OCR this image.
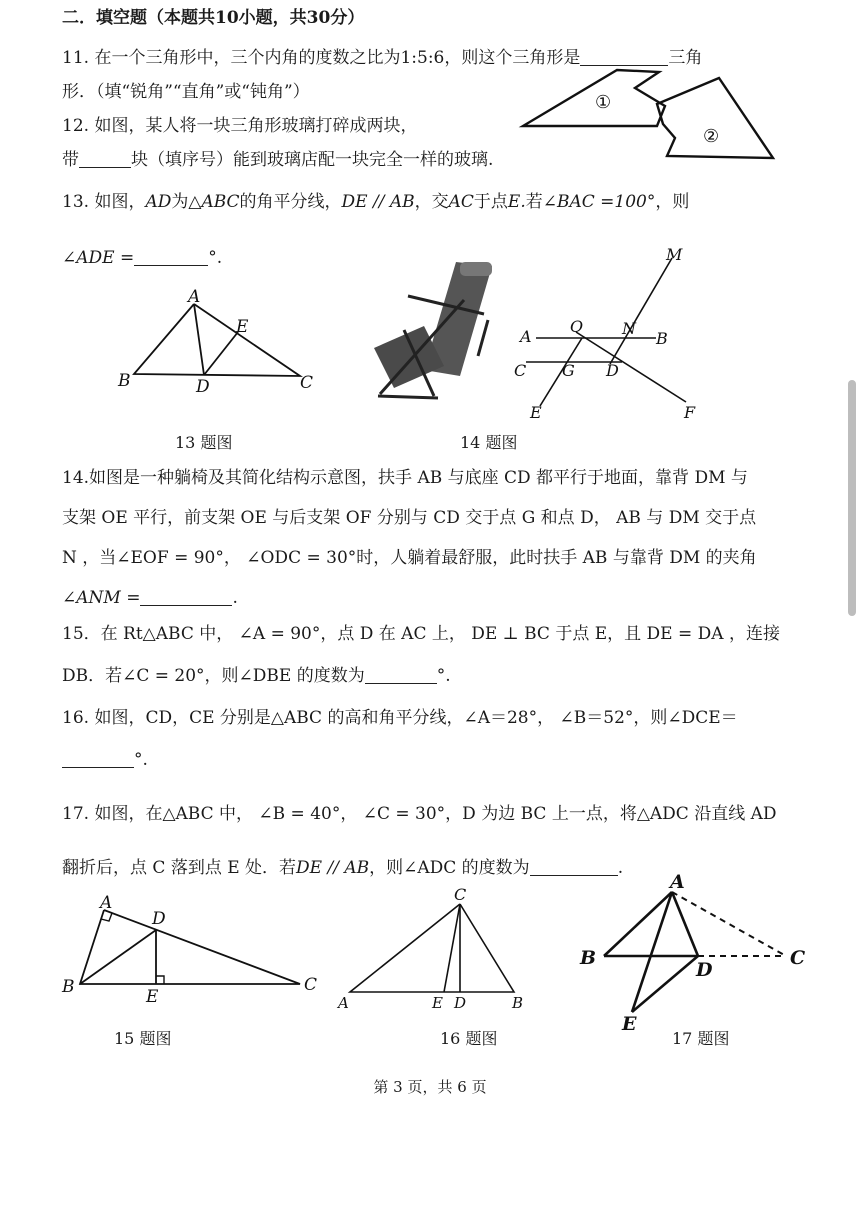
二．填空题（本题共10小题，共30分）
11. 在一个三角形中，三个内角的度数之比为1:5:6，则这个三角形是	三角
形．（填“锐角”“直角”或“钝角”）
12. 如图，某人将一块三角形玻璃打碎成两块，
带	块（填序号）能到玻璃店配一块完全一样的玻璃.
①
②
13. 如图，AD为△ABC的角平分线，DE // AB，交AC于点E.若∠BAC =100°，则
∠ADE =	°.
A
E
B	D	C
13 题图
M
A
O N
B
C G D
E	F
14 题图
14.如图是一种躺椅及其简化结构示意图，扶手 AB 与底座 CD 都平行于地面，靠背 DM 与
支架 OE 平行，前支架 OE 与后支架 OF 分别与 CD 交于点 G 和点 D， AB 与 DM 交于点
N ，当∠EOF = 90°， ∠ODC = 30°时，人躺着最舒服，此时扶手 AB 与靠背 DM 的夹角
∠ANM =	.
15．在 Rt△ABC 中， ∠A = 90°，点 D 在 AC 上， DE ⊥ BC 于点 E，且 DE = DA ，连接
DB．若∠C = 20°，则∠DBE 的度数为	°.
16. 如图，CD，CE 分别是△ABC 的高和角平分线，∠A＝28°， ∠B＝52°，则∠DCE＝
°.
17. 如图，在△ABC 中， ∠B = 40°， ∠C = 30°，D 为边 BC 上一点，将△ADC 沿直线 AD
翻折后，点 C 落到点 E 处．若DE // AB，则∠ADC 的度数为	.
A
D
B	E
C
15 题图
C
A	E D	B
16 题图
A
B
D
C
E
17 题图
第 3 页，共 6 页
